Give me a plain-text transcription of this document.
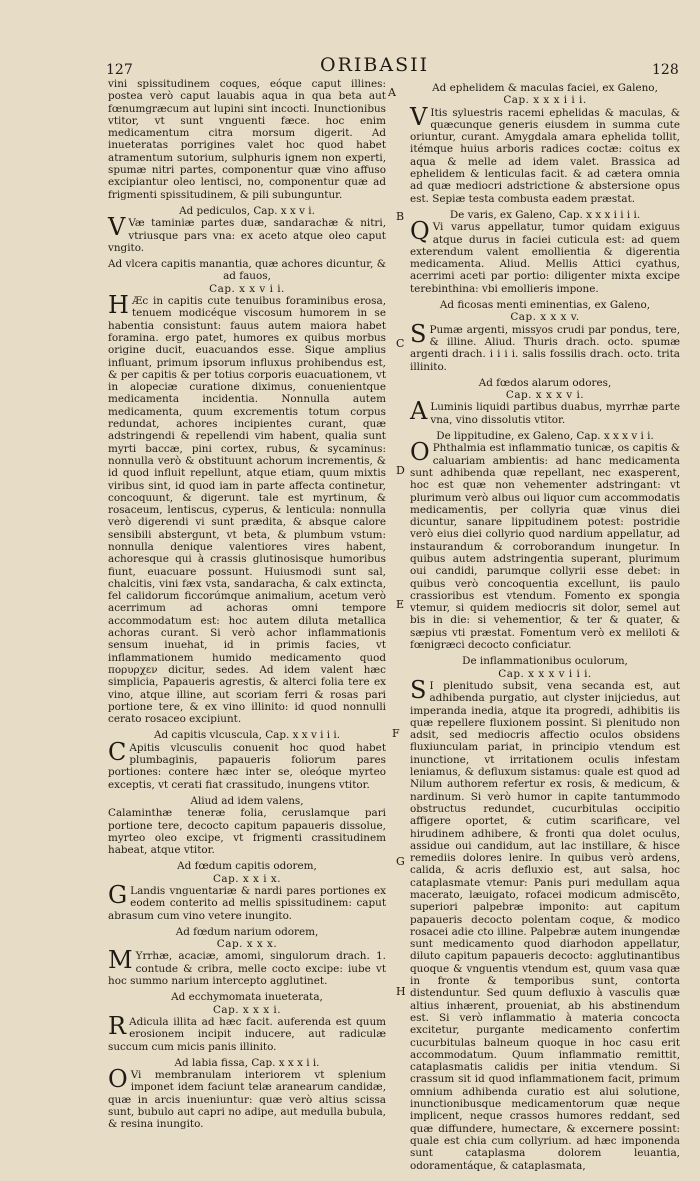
127	ORIBASII	128
A
B
C
D
E
F
G
H

vini spissitudinem coques, eóque caput illines: postea verò caput lauabis aqua in qua beta aut fœnumgræcum aut lupini sint incocti. Inunctionibus vtitor, vt sunt vnguenti fæce. hoc enim medicamentum citra morsum digerit. Ad inueteratas porrigines valet hoc quod habet atramentum sutorium, sulphuris ignem non experti, spumæ nitri partes, componentur quæ vino affuso excipiantur oleo lentisci, no, componentur quæ ad frigmenti spissitudinem, & pili subunguntur.

Ad pediculos, Cap. x x v i.

VVæ taminiæ partes duæ, sandarachæ & nitri, vtriusque pars vna: ex aceto atque oleo caput vngito.

Ad vlcera capitis manantia, quæ achores dicuntur, & ad fauos,

Cap. x x v i i.

HÆc in capitis cute tenuibus foraminibus erosa, tenuem modicéque viscosum humorem in se habentia consistunt: fauus autem maiora habet foramina. ergo patet, humores ex quibus morbus origine ducit, euacuandos esse. Sique amplius influant, primum ipsorum influxus prohibendus est, & per capitis & per totius corporis euacuationem, vt in alopeciæ curatione diximus, conuenientque medicamenta incidentia. Nonnulla autem medicamenta, quum excrementis totum corpus redundat, achores incipientes curant, quæ adstringendi & repellendi vim habent, qualia sunt myrti baccæ, pini cortex, rubus, & sycaminus: nonnulla verò & obstituunt achorum incrementis, & id quod influit repellunt, atque etiam, quum mixtis viribus sint, id quod iam in parte affecta continetur, concoquunt, & digerunt. tale est myrtinum, & rosaceum, lentiscus, cyperus, & lenticula: nonnulla verò digerendi vi sunt prædita, & absque calore sensibili abstergunt, vt beta, & plumbum vstum: nonnulla denique valentiores vires habent, achoresque qui à crassis glutinosisque humoribus fiunt, euacuare possunt. Huiusmodi sunt sal, chalcitis, vini fæx vsta, sandaracha, & calx extincta, fel calidorum ficcorúmque animalium, acetum verò acerrimum ad achoras omni tempore accommodatum est: hoc autem diluta metallica achoras curant. Si verò achor inflammationis sensum inuehat, id in primis facies, vt inflammationem humido medicamento quod πορυρχεν dicitur, sedes. Ad idem valent hæc simplicia, Papaueris agrestis, & alterci folia tere ex vino, atque illine, aut scoriam ferri & rosas pari portione tere, & ex vino illinito: id quod nonnulli cerato rosaceo excipiunt.

Ad capitis vlcuscula, Cap. x x v i i i.

CApitis vlcusculis conuenit hoc quod habet plumbaginis, papaueris foliorum pares portiones: contere hæc inter se, oleóque myrteo exceptis, vt cerati fiat crassitudo, inungens vtitor.

Aliud ad idem valens,

Calaminthæ teneræ folia, ceruslamque pari portione tere, decocto capitum papaueris dissolue, myrteo oleo excipe, vt frigmenti crassitudinem habeat, atque vtitor.

Ad fœdum capitis odorem,

Cap. x x i x.

GLandis vnguentariæ & nardi pares portiones ex eodem conterito ad mellis spissitudinem: caput abrasum cum vino vetere inungito.

Ad fœdum narium odorem,

Cap. x x x.

MYrrhæ, acaciæ, amomi, singulorum drach. 1. contude & cribra, melle cocto excipe: iube vt hoc summo narium intercepto agglutinet.

Ad ecchymomata inueterata,

Cap. x x x i.

RAdicula illita ad hæc facit. auferenda est quum erosionem incipit inducere, aut radiculæ succum cum micis panis illinito.

Ad labia fissa, Cap. x x x i i.

OVi membranulam interiorem vt splenium imponet idem faciunt telæ aranearum candidæ, quæ in arcis inueniuntur: quæ verò altius scissa sunt, bubulo aut capri no adipe, aut medulla bubula, & resina inungito.

Ad ephelidem & maculas faciei, ex Galeno,

Cap. x x x i i i.

VItis syluestris racemi ephelidas & maculas, & quæcunque generis eiusdem in summa cute oriuntur, curant. Amygdala amara ephelida tollit, itémque huius arboris radices coctæ: coitus ex aqua & melle ad idem valet. Brassica ad ephelidem & lenticulas facit. & ad cætera omnia ad quæ mediocri adstrictione & abstersione opus est. Sepiæ testa combusta eadem præstat.

De varis, ex Galeno, Cap. x x x i i i i.

QVi varus appellatur, tumor quidam exiguus atque durus in faciei cuticula est: ad quem exterendum valent emollientia & digerentia medicamenta. Aliud. Mellis Attici cyathus, acerrimi aceti par portio: diligenter mixta excipe terebinthina: vbi emollieris impone.

Ad ficosas menti eminentias, ex Galeno,

Cap. x x x v.

SPumæ argenti, missyos crudi par pondus, tere, & illine. Aliud. Thuris drach. octo. spumæ argenti drach. i i i i. salis fossilis drach. octo. trita illinito.

Ad fœdos alarum odores,

Cap. x x x v i.

ALuminis liquidi partibus duabus, myrrhæ parte vna, vino dissolutis vtitor.

De lippitudine, ex Galeno, Cap. x x x v i i.

OPhthalmia est inflammatio tunicæ, os capitis & caluariam ambientis: ad hanc medicamenta sunt adhibenda quæ repellant, nec exasperent, hoc est quæ non vehementer adstringant: vt plurimum verò albus oui liquor cum accommodatis medicamentis, per collyria quæ vinus diei dicuntur, sanare lippitudinem potest: postridie verò eius diei collyrio quod nardium appellatur, ad instaurandum & corroborandum inungetur. In quibus autem adstringentia superant, plurimum oui candidi, parumque collyrii esse debet: in quibus verò concoquentia excellunt, iis paulo crassioribus est vtendum. Fomento ex spongia vtemur, si quidem mediocris sit dolor, semel aut bis in die: si vehementior, & ter & quater, & sæpius vti præstat. Fomentum verò ex meliloti & fœnigræci decocto conficiatur.

De inflammationibus oculorum,

Cap. x x x v i i i.

SI plenitudo subsit, vena secanda est, aut adhibenda purgatio, aut clyster inijciedus, aut imperanda inedia, atque ita progredi, adhibitis iis quæ repellere fluxionem possint. Si plenitudo non adsit, sed mediocris affectio oculos obsidens fluxiunculam pariat, in principio vtendum est inunctione, vt irritationem oculis infestam leniamus, & defluxum sistamus: quale est quod ad Nilum authorem refertur ex rosis, & medicum, & nardinum. Si verò humor in capite tantummodo obstructus redundet, cucurbitulas occipitio affigere oportet, & cutim scarificare, vel hirudinem adhibere, & fronti qua dolet oculus, assidue oui candidum, aut lac instillare, & hisce remediis dolores lenire. In quibus verò ardens, calida, & acris defluxio est, aut salsa, hoc cataplasmate vtemur: Panis puri medullam aqua macerato, læuigato, rofacei modicum admiscēto, superiori palpebræ imponito: aut capitum papaueris decocto polentam coque, & modico rosacei adie cto illine. Palpebræ autem inungendæ sunt medicamento quod diarhodon appellatur, diluto capitum papaueris decocto: agglutinantibus quoque & vnguentis vtendum est, quum vasa quæ in fronte & temporibus sunt, contorta distenduntur. Sed quum defluxio à vasculis quæ altius inhærent, proueniat, ab his abstinendum est. Si verò inflammatio à materia concocta excitetur, purgante medicamento confertim cucurbitulas balneum quoque in hoc casu erit accommodatum. Quum inflammatio remittit, cataplasmatis calidis per initia vtendum. Si crassum sit id quod inflammationem facit, primum omnium adhibenda curatio est alui solutione, inunctionibusque medicamentorum quæ neque implicent, neque crassos humores reddant, sed quæ diffundere, humectare, & excernere possint: quale est chia cum collyrium. ad hæc imponenda sunt cataplasma dolorem leuantia, odoramentáque, & cataplasmata,
